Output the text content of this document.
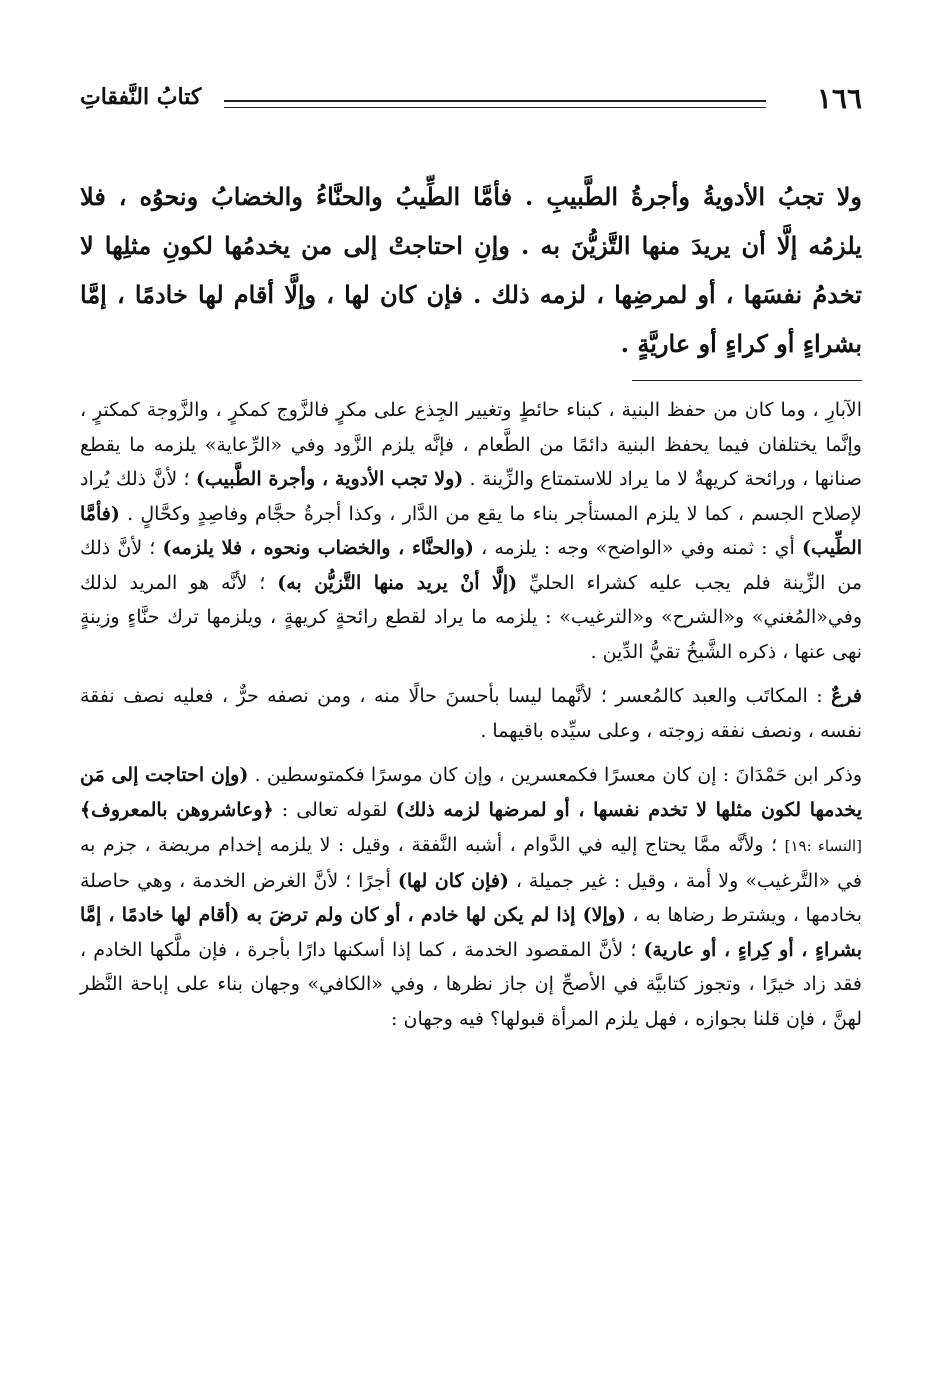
١٦٦
كتابُ النَّفقاتِ

ولا تجبُ الأدويةُ وأجرةُ الطَّبيبِ . فأمَّا الطِّيبُ والحنَّاءُ والخضابُ ونحوُه ، فلا يلزمُه إلَّا أن يريدَ منها التَّزيُّنَ به . وإنِ احتاجتْ إلى من يخدمُها لكونِ مثلِها لا تخدمُ نفسَها ، أو لمرضِها ، لزمه ذلك . فإن كان لها ، وإلَّا أقام لها خادمًا ، إمَّا بشراءٍ أو كراءٍ أو عاريَّةٍ .

الآبارِ ، وما كان من حفظ البنية ، كبناء حائطٍ وتغيير الجِذع على مكرٍ فالزَّوج كمكرٍ ، والزَّوجة كمكترٍ ، وإنَّما يختلفان فيما يحفظ البنية دائمًا من الطَّعام ، فإنَّه يلزم الزَّود وفي «الرِّعاية» يلزمه ما يقطع صنانها ، ورائحة كريهةٌ لا ما يراد للاستمتاع والزِّينة . (ولا تجب الأدوية ، وأجرة الطَّبيب) ؛ لأنَّ ذلك يُراد لإصلاح الجسم ، كما لا يلزم المستأجر بناء ما يقع من الدَّار ، وكذا أجرةُ حجَّام وفاصِدٍ وكحَّالٍ . (فأمَّا الطِّيب) أي : ثمنه وفي «الواضح» وجه : يلزمه ، (والحنَّاء ، والخضاب ونحوه ، فلا يلزمه) ؛ لأنَّ ذلك من الزِّينة فلم يجب عليه كشراء الحليِّ (إلَّا أنْ يريد منها التَّزيُّن به) ؛ لأنَّه هو المريد لذلك وفي«المُغني» و«الشرح» و«الترغيب» : يلزمه ما يراد لقطع رائحةٍ كريهةٍ ، ويلزمها ترك حنَّاءٍ وزينةٍ نهى عنها ، ذكره الشَّيخُ تقيُّ الدِّين .

فرعٌ : المكاتَب والعبد كالمُعسر ؛ لأنَّهما ليسا بأحسنَ حالًا منه ، ومن نصفه حرٌّ ، فعليه نصف نفقة نفسه ، ونصف نفقه زوجته ، وعلى سيِّده باقيهما .

وذكر ابن حَمْدَانَ : إن كان معسرًا فكمعسرين ، وإن كان موسرًا فكمتوسطين . (وإن احتاجت إلى مَن يخدمها لكون مثلها لا تخدم نفسها ، أو لمرضها لزمه ذلك) لقوله تعالى : ﴿وعاشروهن بالمعروف﴾ [النساء :١٩] ؛ ولأنَّه ممَّا يحتاج إليه في الدَّوام ، أشبه النَّفقة ، وقيل : لا يلزمه إخدام مريضة ، جزم به في «التَّرغيب» ولا أمة ، وقيل : غير جميلة ، (فإن كان لها) أجرًا ؛ لأنَّ الغرض الخدمة ، وهي حاصلة بخادمها ، ويشترط رضاها به ، (وإلا) إذا لم يكن لها خادم ، أو كان ولم ترضَ به (أقام لها خادمًا ، إمَّا بشراءٍ ، أو كِراءٍ ، أو عارية) ؛ لأنَّ المقصود الخدمة ، كما إذا أسكنها دارًا بأجرة ، فإن ملَّكها الخادم ، فقد زاد خيرًا ، وتجوز كتابيَّة في الأصحِّ إن جاز نظرها ، وفي «الكافي» وجهان بناء على إباحة النَّظر لهنَّ ، فإن قلنا بجوازه ، فهل يلزم المرأة قبولها؟ فيه وجهان :
